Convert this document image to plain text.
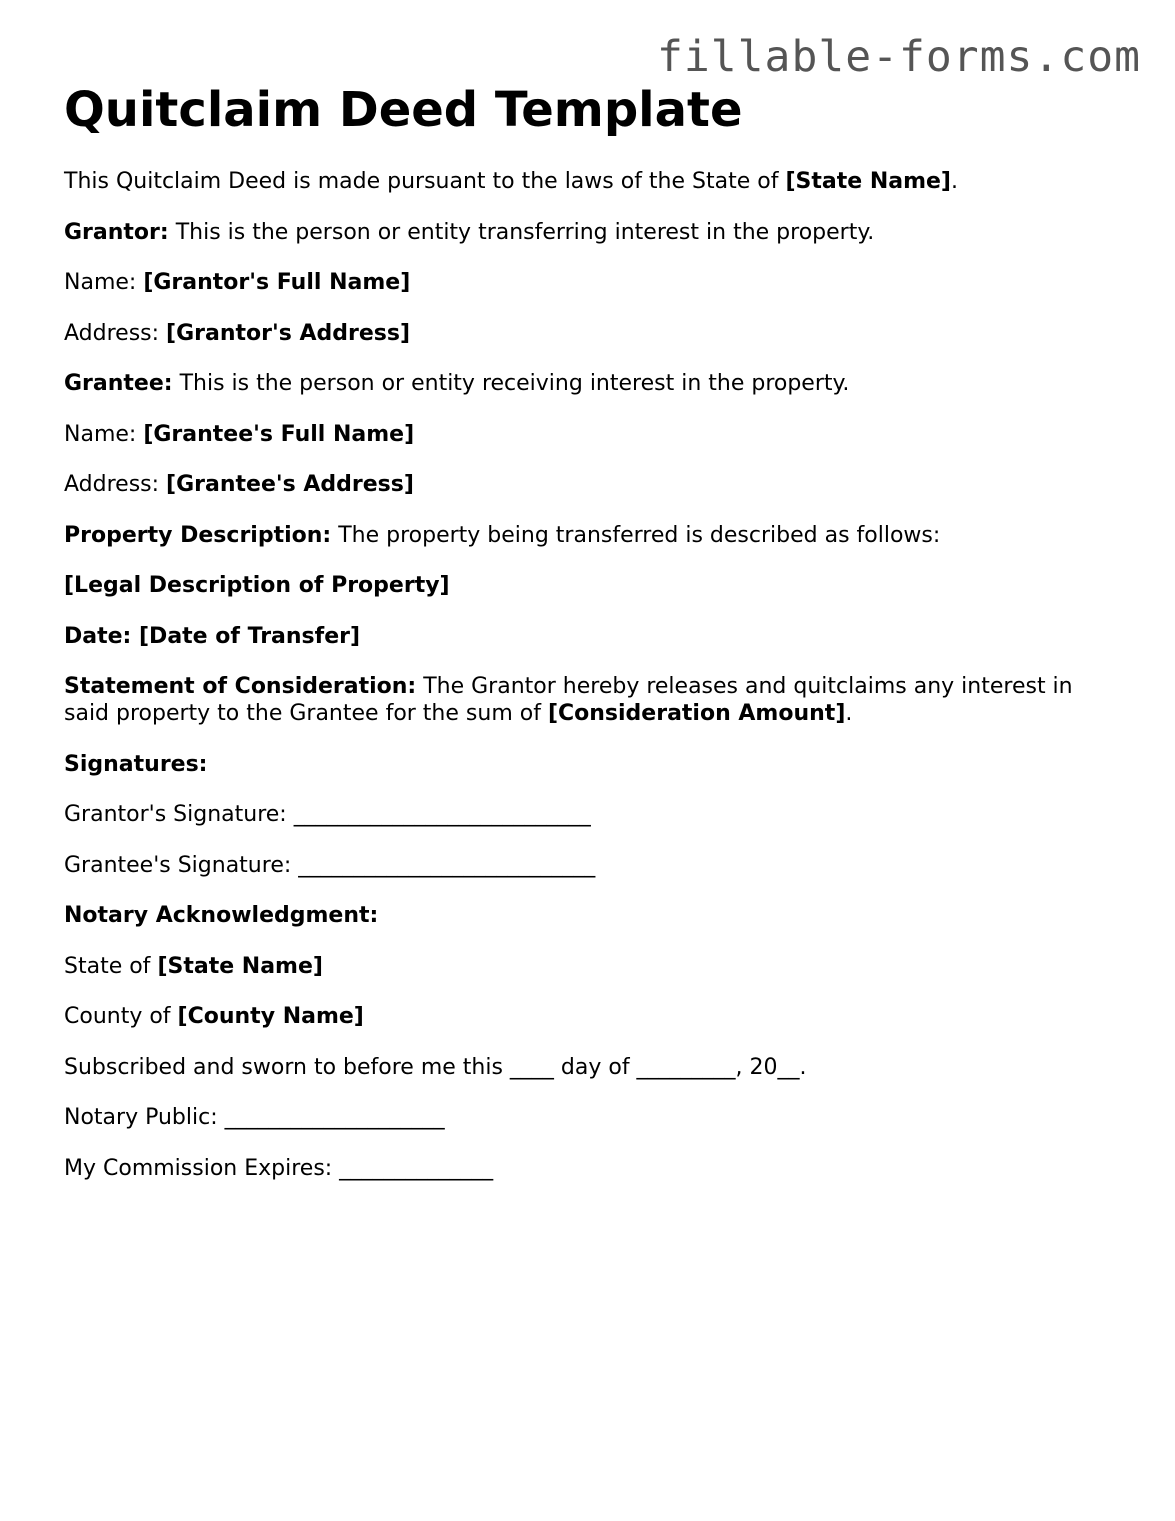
fillable-forms.com
Quitclaim Deed Template

This Quitclaim Deed is made pursuant to the laws of the State of [State Name].

Grantor: This is the person or entity transferring interest in the property.

Name: [Grantor's Full Name]

Address: [Grantor's Address]

Grantee: This is the person or entity receiving interest in the property.

Name: [Grantee's Full Name]

Address: [Grantee's Address]

Property Description: The property being transferred is described as follows:

[Legal Description of Property]

Date: [Date of Transfer]

Statement of Consideration: The Grantor hereby releases and quitclaims any interest in said property to the Grantee for the sum of [Consideration Amount].

Signatures:

Grantor's Signature: ___________________________

Grantee's Signature: ___________________________

Notary Acknowledgment:

State of [State Name]

County of [County Name]

Subscribed and sworn to before me this ____ day of _________, 20__.

Notary Public: ____________________

My Commission Expires: ______________
